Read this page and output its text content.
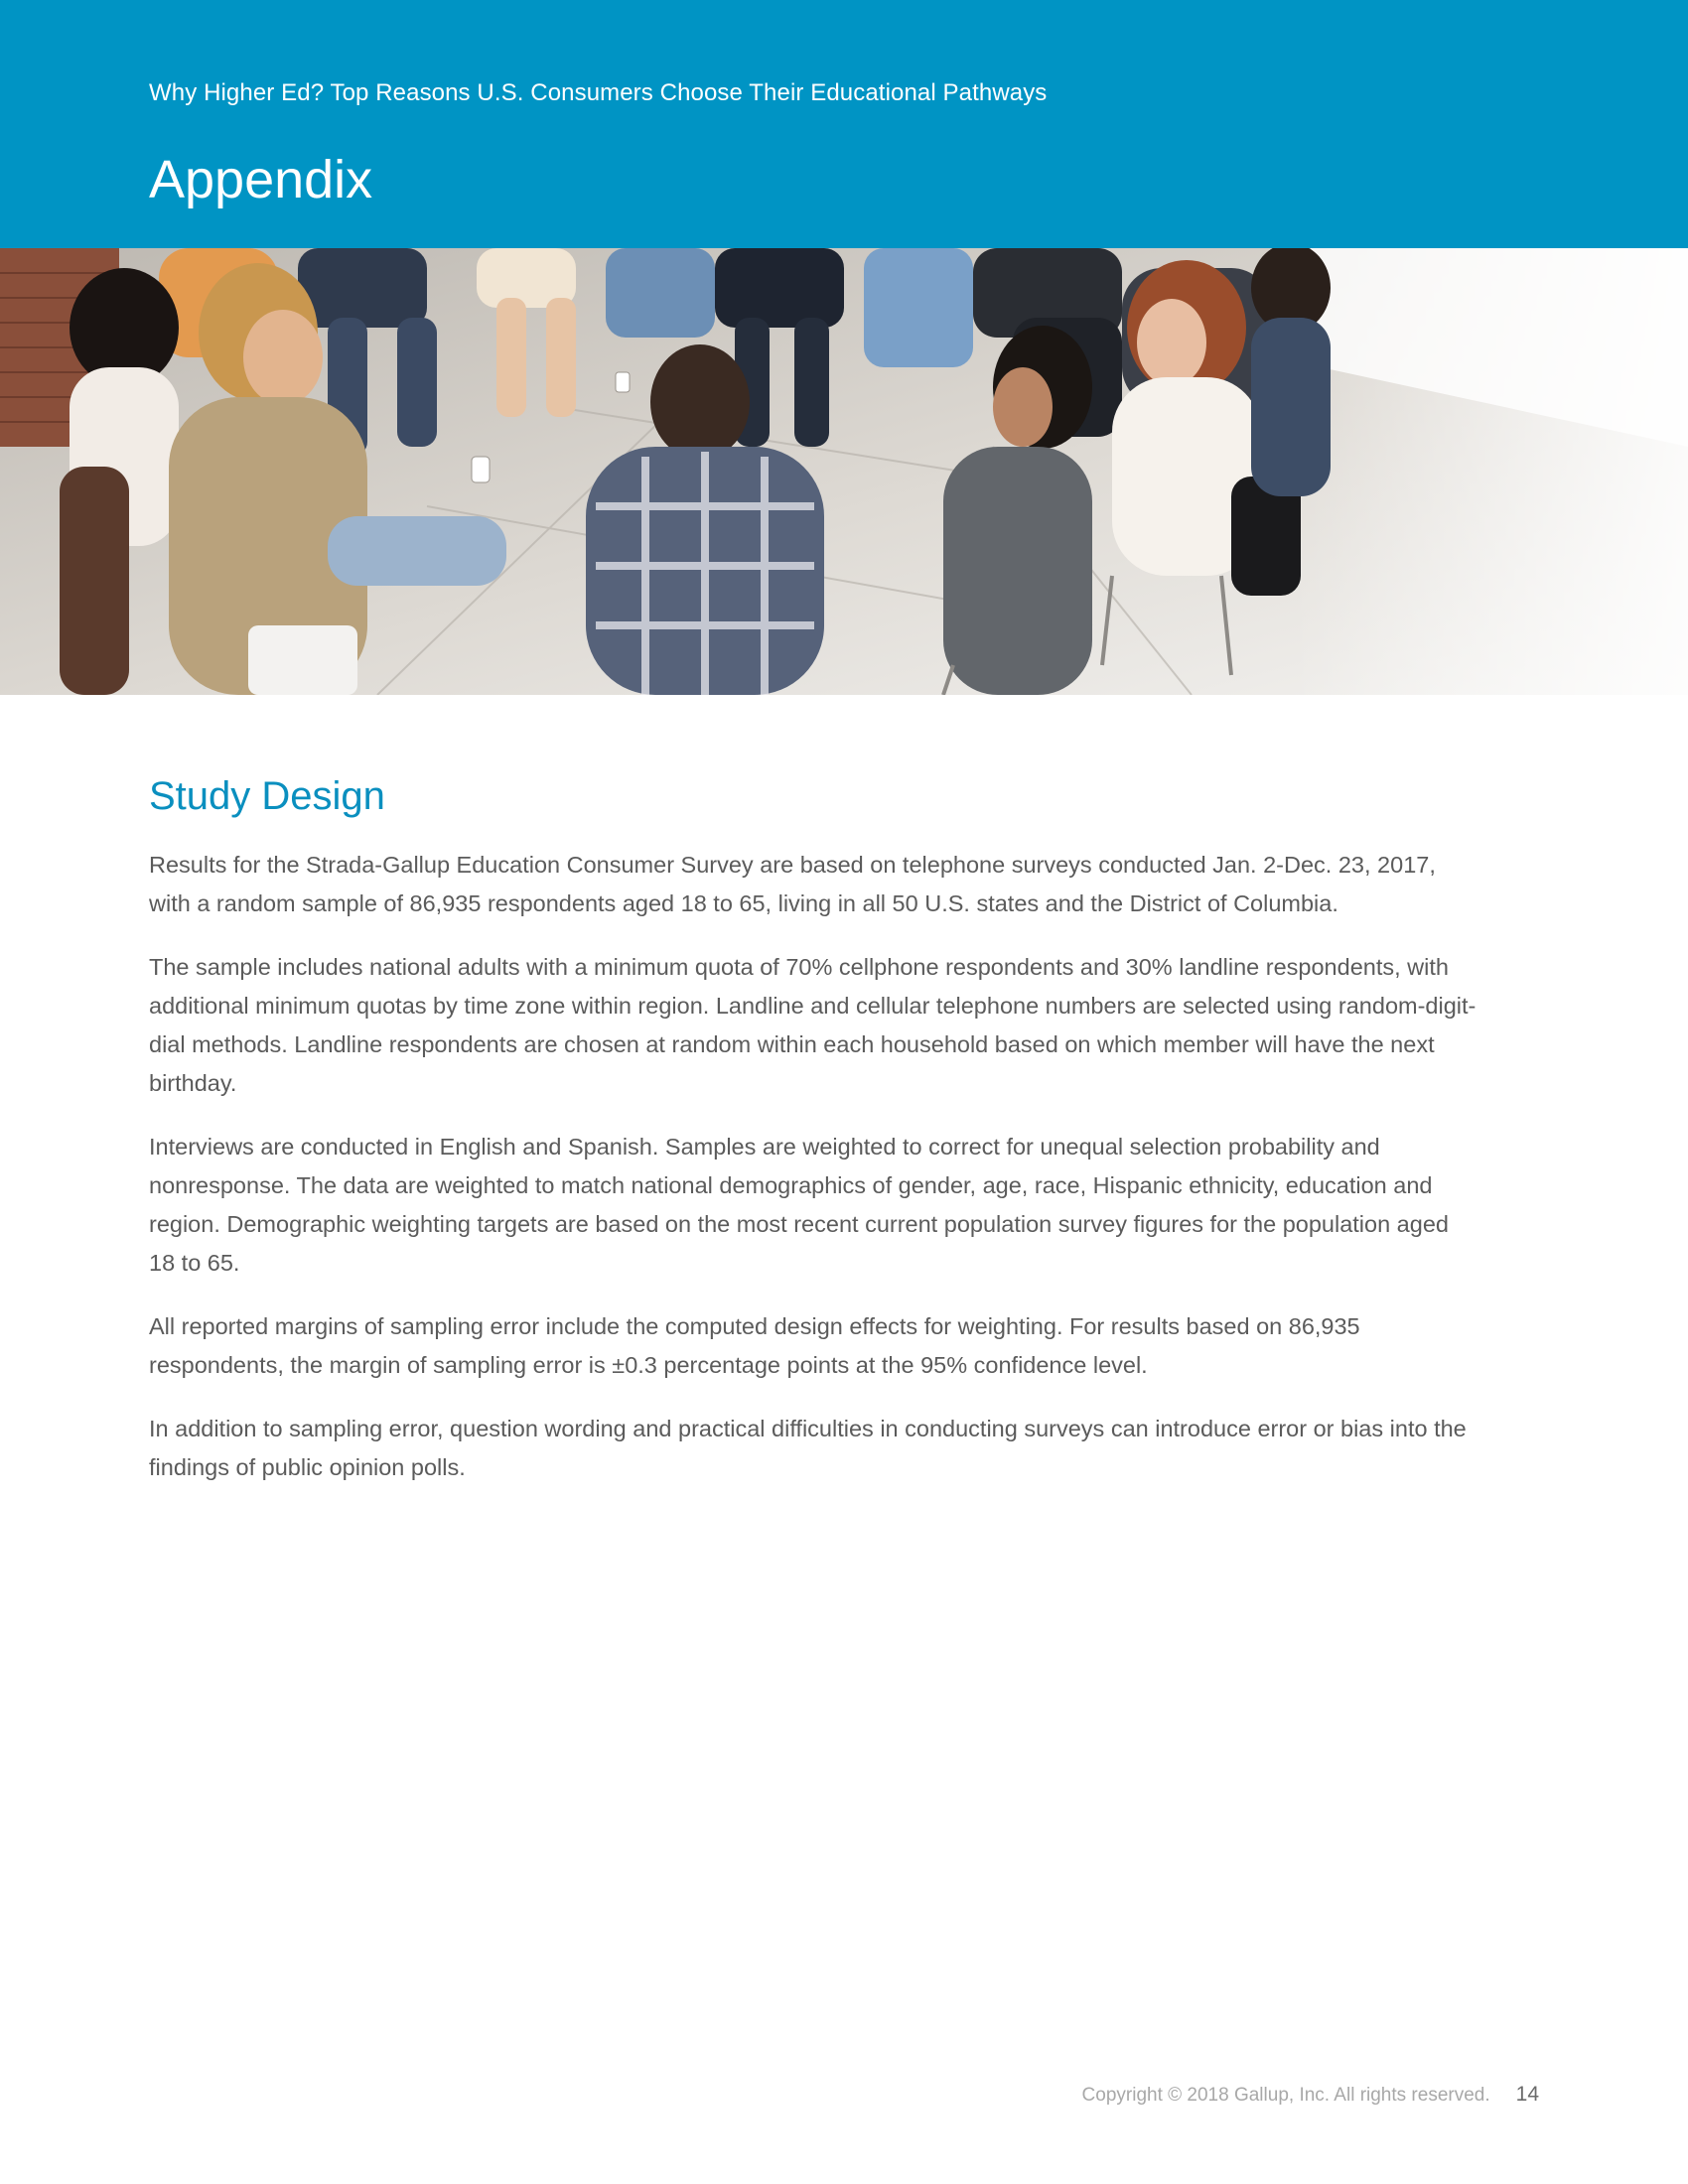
Why Higher Ed? Top Reasons U.S. Consumers Choose Their Educational Pathways
Appendix
Study Design

Results for the Strada-Gallup Education Consumer Survey are based on telephone surveys conducted Jan. 2-Dec. 23, 2017, with a random sample of 86,935 respondents aged 18 to 65, living in all 50 U.S. states and the District of Columbia.

The sample includes national adults with a minimum quota of 70% cellphone respondents and 30% landline respondents, with additional minimum quotas by time zone within region. Landline and cellular telephone numbers are selected using random-digit-dial methods. Landline respondents are chosen at random within each household based on which member will have the next birthday.

Interviews are conducted in English and Spanish. Samples are weighted to correct for unequal selection probability and nonresponse. The data are weighted to match national demographics of gender, age, race, Hispanic ethnicity, education and region. Demographic weighting targets are based on the most recent current population survey figures for the population aged 18 to 65.

All reported margins of sampling error include the computed design effects for weighting. For results based on 86,935 respondents, the margin of sampling error is ±0.3 percentage points at the 95% confidence level.

In addition to sampling error, question wording and practical difficulties in conducting surveys can introduce error or bias into the findings of public opinion polls.

Copyright © 2018 Gallup, Inc. All rights reserved. 14
